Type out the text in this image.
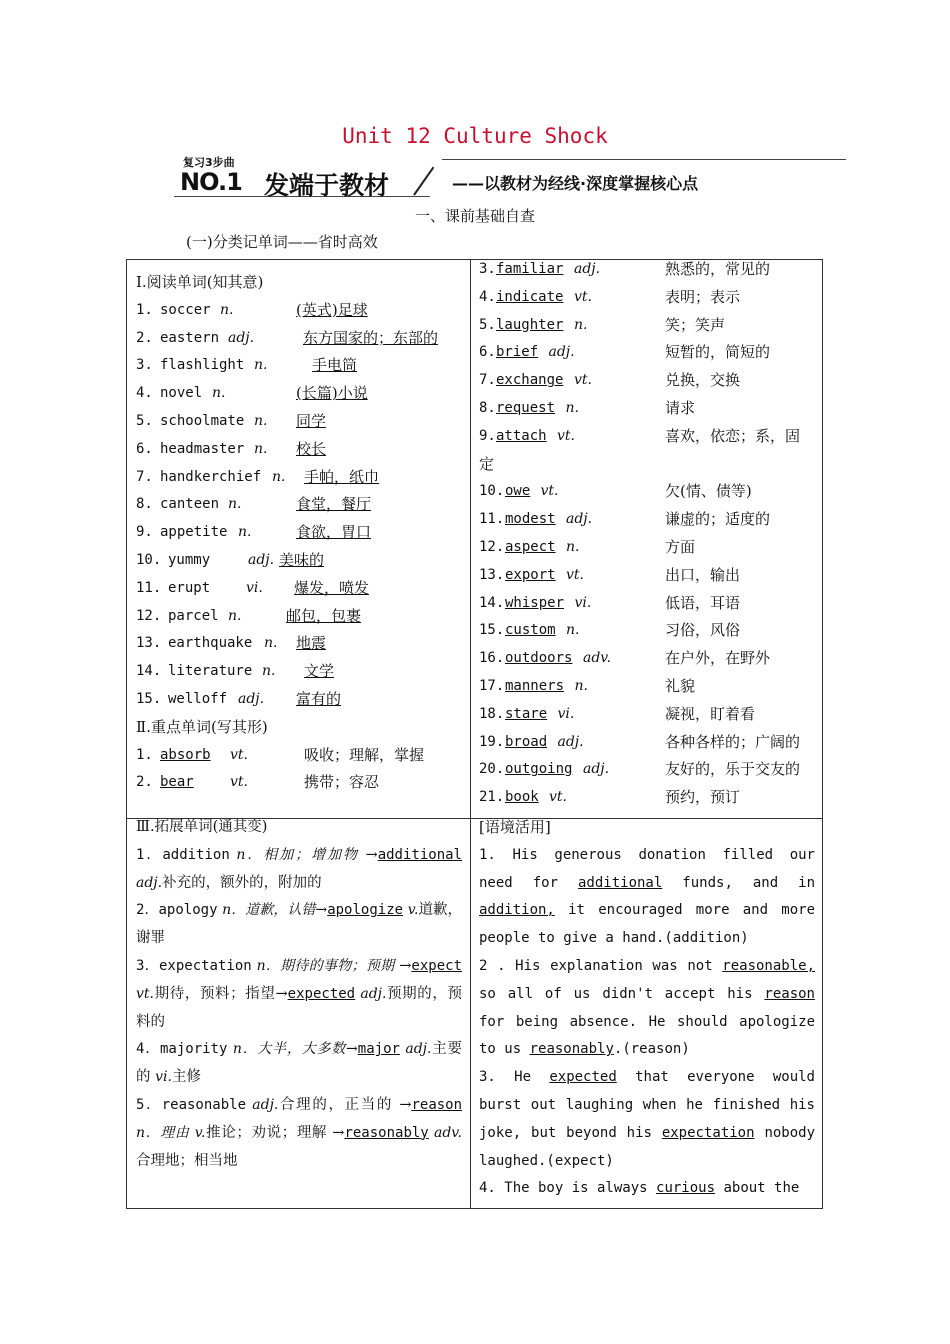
Unit 12 Culture Shock
复习3步曲
NO.1 发端于教材	——以教材为经线·深度掌握核心点
一、课前基础自查
(一)分类记单词——省时高效
Ⅰ.阅读单词(知其意)
1. soccer n.	(英式)足球
2. eastern adj.	东方国家的；东部的
3. flashlight n.	手电筒
4. novel n.	(长篇)小说
5. schoolmate n. 同学
6. headmaster n. 校长
7. handkerchief n. 手帕，纸巾
8. canteen n.	食堂，餐厅
9. appetite n.	食欲，胃口
10. yummy	adj. 美味的
11. erupt	vi. 爆发，喷发
12. parcel n.	邮包，包裹
13. earthquake n. 地震
14. literature n. 文学
15. welloff adj. 富有的
Ⅱ.重点单词(写其形)
1. absorb vt.	吸收；理解，掌握
2. bear	vt.	携带；容忍
3. familiar adj.	熟悉的，常见的
4. indicate vt.	表明；表示
5. laughter n.	笑；笑声
6. brief adj.	短暂的，简短的
7. exchange vt.	兑换，交换
8. request n.	请求
9. attach vt.	喜欢，依恋；系，固
定
10. owe vt.	欠(情、债等)
11. modest adj.	谦虚的；适度的
12. aspect n.	方面
13. export vt.	出口，输出
14. whisper vi.	低语，耳语
15. custom n.	习俗，风俗
16. outdoors adv.	在户外，在野外
17. manners n.	礼貌
18. stare vi.	凝视，盯着看
19. broad adj.	各种各样的；广阔的
20. outgoing adj.	友好的，乐于交友的
21. book vt.	预约，预订

Ⅲ.拓展单词(通其变)

1．addition n．相加；增加物 →additional adj.补充的，额外的，附加的

2．apology n．道歉，认错→apologize v.道歉，谢罪

3．expectation n．期待的事物；预期 →expect vt.期待，预料；指望→expected adj.预期的，预料的

4．majority n．大半，大多数→major adj.主要的 vi.主修

5．reasonable adj.合理的，正当的 →reason n．理由 v.推论；劝说；理解 →reasonably adv.合理地；相当地

[语境活用]

1. His generous donation filled our need for additional funds, and in addition, it encouraged more and more people to give a hand.(addition)

2 . His explanation was not reasonable, so all of us didn't accept his reason for being absence. He should apologize to us reasonably.(reason)

3. He expected that everyone would burst out laughing when he finished his joke, but beyond his expectation nobody laughed.(expect)

4. The boy is always curious about the
